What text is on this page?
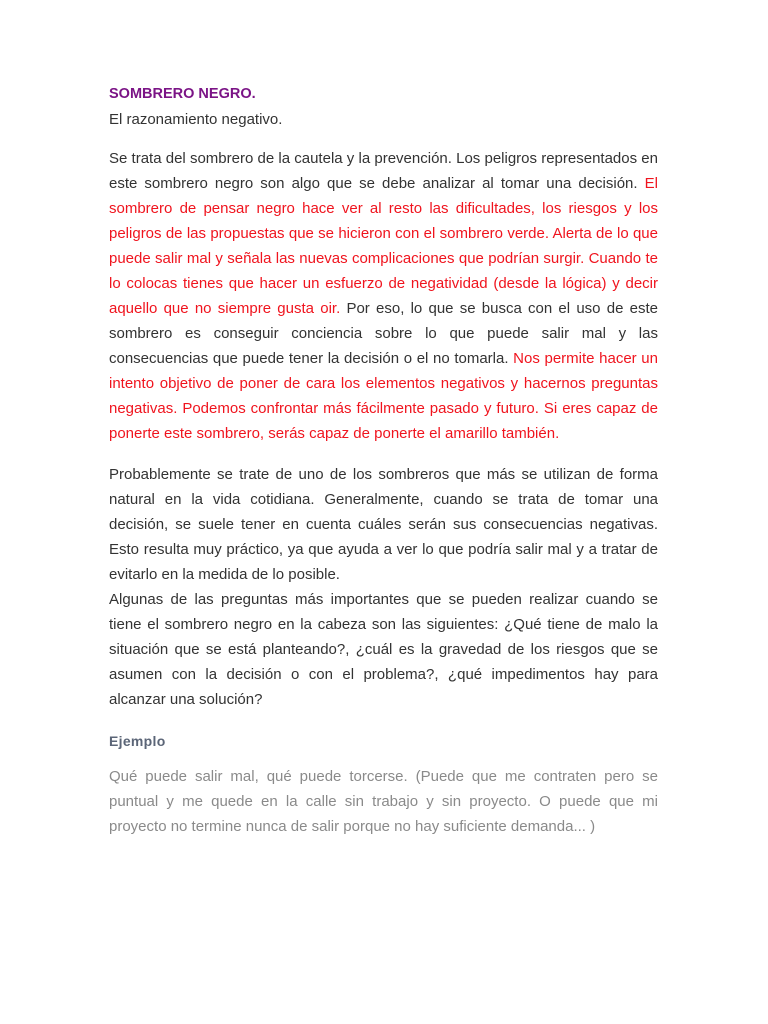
SOMBRERO NEGRO.
El razonamiento negativo.

Se trata del sombrero de la cautela y la prevención. Los peligros representados en este sombrero negro son algo que se debe analizar al tomar una decisión. El sombrero de pensar negro hace ver al resto las dificultades, los riesgos y los peligros de las propuestas que se hicieron con el sombrero verde. Alerta de lo que puede salir mal y señala las nuevas complicaciones que podrían surgir. Cuando te lo colocas tienes que hacer un esfuerzo de negatividad (desde la lógica) y decir aquello que no siempre gusta oir. Por eso, lo que se busca con el uso de este sombrero es conseguir conciencia sobre lo que puede salir mal y las consecuencias que puede tener la decisión o el no tomarla. Nos permite hacer un intento objetivo de poner de cara los elementos negativos y hacernos preguntas negativas. Podemos confrontar más fácilmente pasado y futuro. Si eres capaz de ponerte este sombrero, serás capaz de ponerte el amarillo también.

Probablemente se trate de uno de los sombreros que más se utilizan de forma natural en la vida cotidiana. Generalmente, cuando se trata de tomar una decisión, se suele tener en cuenta cuáles serán sus consecuencias negativas. Esto resulta muy práctico, ya que ayuda a ver lo que podría salir mal y a tratar de evitarlo en la medida de lo posible.

Algunas de las preguntas más importantes que se pueden realizar cuando se tiene el sombrero negro en la cabeza son las siguientes: ¿Qué tiene de malo la situación que se está planteando?, ¿cuál es la gravedad de los riesgos que se asumen con la decisión o con el problema?, ¿qué impedimentos hay para alcanzar una solución?

Ejemplo

Qué puede salir mal, qué puede torcerse. (Puede que me contraten pero se puntual y me quede en la calle sin trabajo y sin proyecto. O puede que mi proyecto no termine nunca de salir porque no hay suficiente demanda... )
